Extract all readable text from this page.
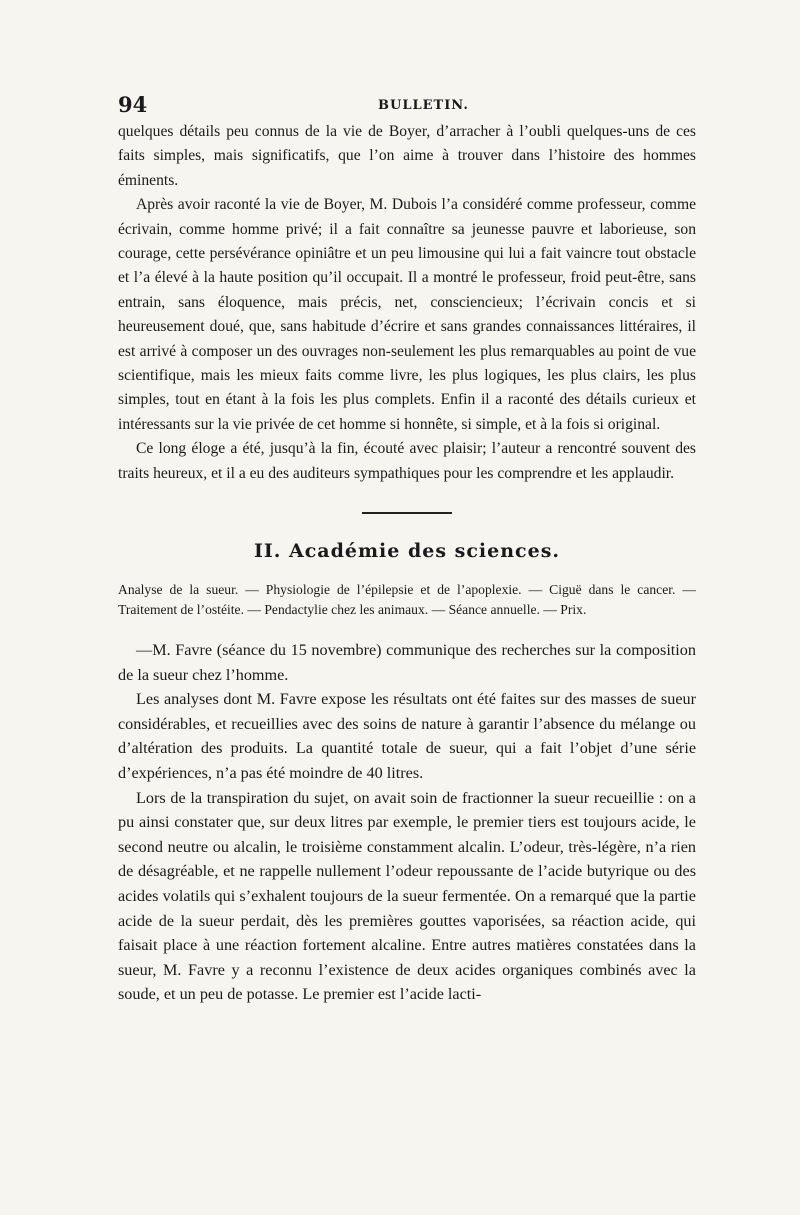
94	BULLETIN.

quelques détails peu connus de la vie de Boyer, d’arracher à l’oubli quelques-uns de ces faits simples, mais significatifs, que l’on aime à trouver dans l’histoire des hommes éminents.

Après avoir raconté la vie de Boyer, M. Dubois l’a considéré comme professeur, comme écrivain, comme homme privé; il a fait connaître sa jeunesse pauvre et laborieuse, son courage, cette persévérance opiniâtre et un peu limousine qui lui a fait vaincre tout obstacle et l’a élevé à la haute position qu’il occupait. Il a montré le professeur, froid peut-être, sans entrain, sans éloquence, mais précis, net, consciencieux; l’écrivain concis et si heureusement doué, que, sans habitude d’écrire et sans grandes connaissances littéraires, il est arrivé à composer un des ouvrages non-seulement les plus remarquables au point de vue scientifique, mais les mieux faits comme livre, les plus logiques, les plus clairs, les plus simples, tout en étant à la fois les plus complets. Enfin il a raconté des détails curieux et intéressants sur la vie privée de cet homme si honnête, si simple, et à la fois si original.

Ce long éloge a été, jusqu’à la fin, écouté avec plaisir; l’auteur a rencontré souvent des traits heureux, et il a eu des auditeurs sympathiques pour les comprendre et les applaudir.

II. Académie des sciences.

Analyse de la sueur. — Physiologie de l’épilepsie et de l’apoplexie. — Ciguë dans le cancer. — Traitement de l’ostéite. — Pendactylie chez les animaux. — Séance annuelle. — Prix.

—M. Favre (séance du 15 novembre) communique des recherches sur la composition de la sueur chez l’homme.

Les analyses dont M. Favre expose les résultats ont été faites sur des masses de sueur considérables, et recueillies avec des soins de nature à garantir l’absence du mélange ou d’altération des produits. La quantité totale de sueur, qui a fait l’objet d’une série d’expériences, n’a pas été moindre de 40 litres.

Lors de la transpiration du sujet, on avait soin de fractionner la sueur recueillie : on a pu ainsi constater que, sur deux litres par exemple, le premier tiers est toujours acide, le second neutre ou alcalin, le troisième constamment alcalin. L’odeur, très-légère, n’a rien de désagréable, et ne rappelle nullement l’odeur repoussante de l’acide butyrique ou des acides volatils qui s’exhalent toujours de la sueur fermentée. On a remarqué que la partie acide de la sueur perdait, dès les premières gouttes vaporisées, sa réaction acide, qui faisait place à une réaction fortement alcaline. Entre autres matières constatées dans la sueur, M. Favre y a reconnu l’existence de deux acides organiques combinés avec la soude, et un peu de potasse. Le premier est l’acide lacti-
